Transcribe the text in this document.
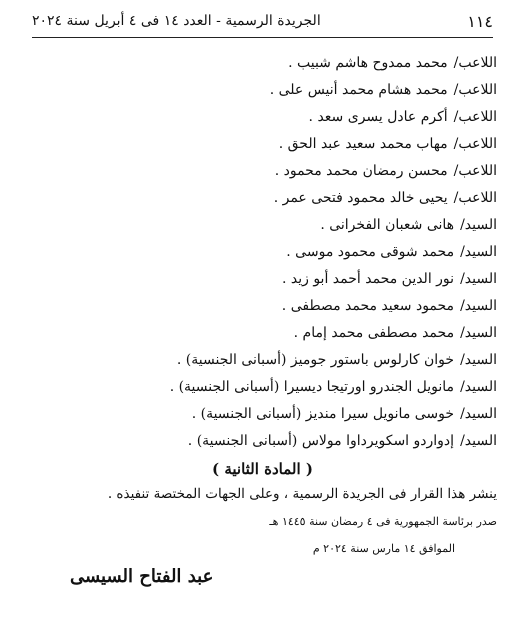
١١٤
الجريدة الرسمية - العدد ١٤ فى ٤ أبريل سنة ٢٠٢٤
اللاعب/محمد ممدوح هاشم شبيب .
اللاعب/محمد هشام محمد أنيس على .
اللاعب/أكرم عادل يسرى سعد .
اللاعب/مهاب محمد سعيد عبد الحق .
اللاعب/محسن رمضان محمد محمود .
اللاعب/يحيى خالد محمود فتحى عمر .
السيد/هانى شعبان الفخرانى .
السيد/محمد شوقى محمود موسى .
السيد/نور الدين محمد أحمد أبو زيد .
السيد/محمود سعيد محمد مصطفى .
السيد/محمد مصطفى محمد إمام .
السيد/خوان كارلوس باستور جوميز (أسبانى الجنسية) .
السيد/مانويل الجندرو اورتيجا ديسيرا (أسبانى الجنسية) .
السيد/خوسى مانويل سيرا منديز (أسبانى الجنسية) .
السيد/إدواردو اسكويرداوا مولاس (أسبانى الجنسية) .
( المادة الثانية )
ينشر هذا القرار فى الجريدة الرسمية ، وعلى الجهات المختصة تنفيذه .
صدر برئاسة الجمهورية فى ٤ رمضان سنة ١٤٤٥ هـ
الموافق ١٤ مارس سنة ٢٠٢٤ م
عبد الفتاح السيسى
